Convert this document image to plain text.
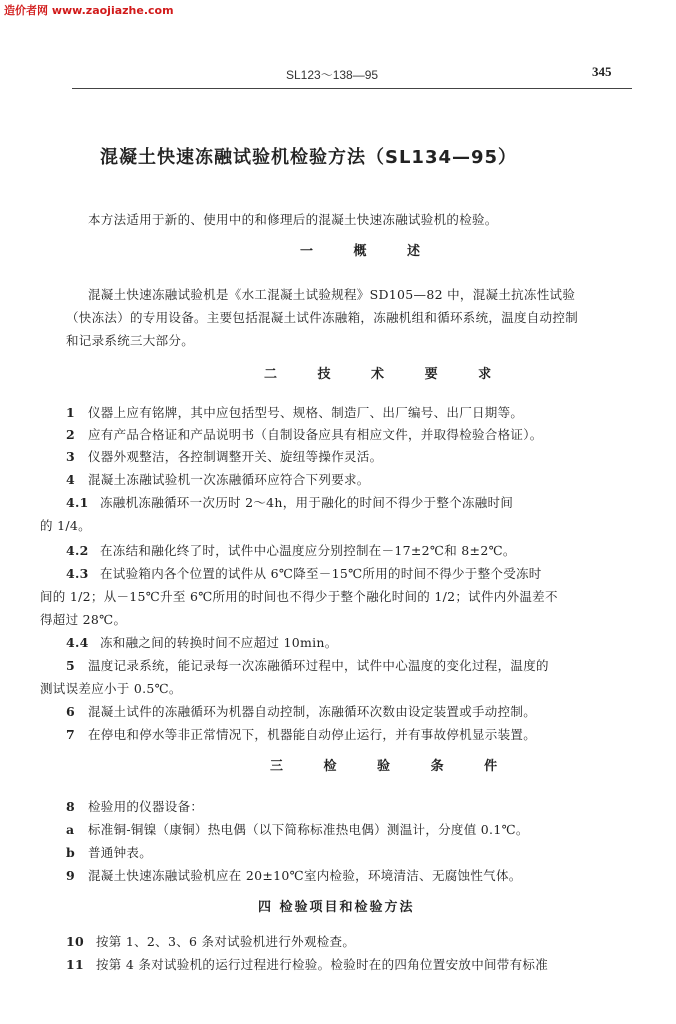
造价者网 www.zaojiazhe.com
SL123～138—95	345
混凝土快速冻融试验机检验方法（SL134—95）
本方法适用于新的、使用中的和修理后的混凝土快速冻融试验机的检验。
一 概 述
混凝土快速冻融试验机是《水工混凝土试验规程》SD105—82 中，混凝土抗冻性试验
（快冻法）的专用设备。主要包括混凝土试件冻融箱，冻融机组和循环系统，温度自动控制
和记录系统三大部分。
二 技 术 要 求
1 仪器上应有铭牌，其中应包括型号、规格、制造厂、出厂编号、出厂日期等。
2 应有产品合格证和产品说明书（自制设备应具有相应文件，并取得检验合格证）。
3 仪器外观整洁，各控制调整开关、旋纽等操作灵活。
4 混凝土冻融试验机一次冻融循环应符合下列要求。
4.1 冻融机冻融循环一次历时 2～4h，用于融化的时间不得少于整个冻融时间
的 1/4。
4.2 在冻结和融化终了时，试件中心温度应分别控制在－17±2℃和 8±2℃。
4.3 在试验箱内各个位置的试件从 6℃降至－15℃所用的时间不得少于整个受冻时
间的 1/2；从－15℃升至 6℃所用的时间也不得少于整个融化时间的 1/2；试件内外温差不
得超过 28℃。
4.4 冻和融之间的转换时间不应超过 10min。
5 温度记录系统，能记录每一次冻融循环过程中，试件中心温度的变化过程，温度的
测试误差应小于 0.5℃。
6 混凝土试件的冻融循环为机器自动控制，冻融循环次数由设定装置或手动控制。
7 在停电和停水等非正常情况下，机器能自动停止运行，并有事故停机显示装置。
三 检 验 条 件
8 检验用的仪器设备：
a 标准铜-铜镍（康铜）热电偶（以下简称标准热电偶）测温计，分度值 0.1℃。
b 普通钟表。
9 混凝土快速冻融试验机应在 20±10℃室内检验，环境清洁、无腐蚀性气体。
四 检验项目和检验方法
10 按第 1、2、3、6 条对试验机进行外观检查。
11 按第 4 条对试验机的运行过程进行检验。检验时在的四角位置安放中间带有标准
